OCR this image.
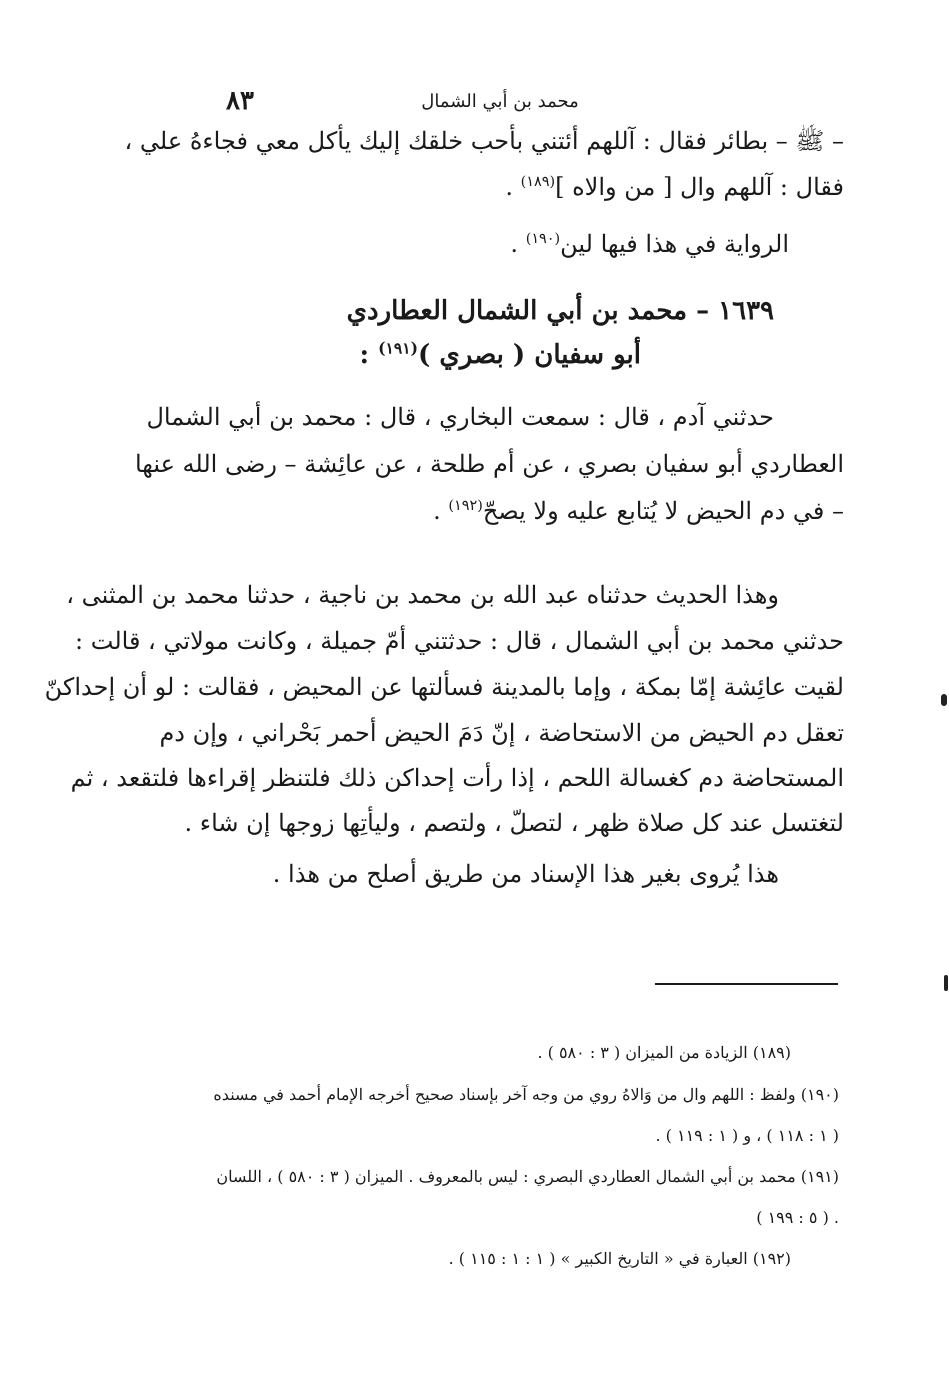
٨٣	محمد بن أبي الشمال
– ﷺ – بطائر فقال : آللهم أئتني بأحب خلقك إليك يأكل معي فجاءهُ علي ،
فقال : آللهم وال [ من والاه ]$^{(١٨٩)}$ .
الرواية في هذا فيها لين$^{(١٩٠)}$ .
١٦٣٩ – محمد بن أبي الشمال العطاردي
أبو سفيان ( بصري )$^{(١٩١)}$ :
حدثني آدم ، قال : سمعت البخاري ، قال : محمد بن أبي الشمال
العطاردي أبو سفيان بصري ، عن أم طلحة ، عن عائِشة – رضى الله عنها
– في دم الحيض لا يُتابع عليه ولا يصحّ$^{(١٩٢)}$ .
وهذا الحديث حدثناه عبد الله بن محمد بن ناجية ، حدثنا محمد بن المثنى ،
حدثني محمد بن أبي الشمال ، قال : حدثتني أمّ جميلة ، وكانت مولاتي ، قالت :
لقيت عائِشة إمّا بمكة ، وإما بالمدينة فسألتها عن المحيض ، فقالت : لو أن إحداكنّ
تعقل دم الحيض من الاستحاضة ، إنّ دَمَ الحيض أحمر بَحْراني ، وإن دم
المستحاضة دم كغسالة اللحم ، إذا رأت إحداكن ذلك فلتنظر إقراءها فلتقعد ، ثم
لتغتسل عند كل صلاة ظهر ، لتصلّ ، ولتصم ، وليأتِها زوجها إن شاء .
هذا يُروى بغير هذا الإسناد من طريق أصلح من هذا .
(١٨٩) الزيادة من الميزان ( ٣ : ٥٨٠ ) .
(١٩٠) ولفظ : اللهم وال من وَالاهُ روي من وجه آخر بإسناد صحيح أخرجه الإمام أحمد في مسنده
( ١ : ١١٨ ) ، و ( ١ : ١١٩ ) .
(١٩١) محمد بن أبي الشمال العطاردي البصري : ليس بالمعروف . الميزان ( ٣ : ٥٨٠ ) ، اللسان
( ٥ : ١٩٩ ) .
(١٩٢) العبارة في « التاريخ الكبير » ( ١ : ١ : ١١٥ ) .
